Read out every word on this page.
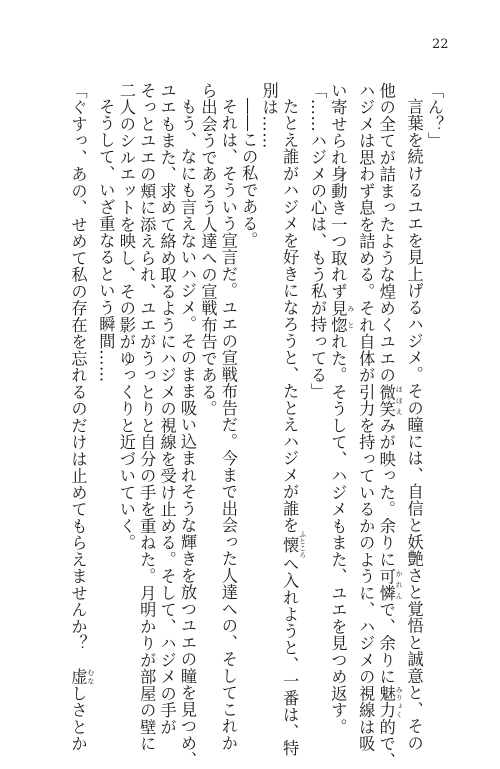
22
「ん？」
言葉を続けるユエを見上げるハジメ。その瞳には、自信と妖艶さと覚悟と誠意と、その
他の全てが詰まったような煌めくユエの微笑 ほほえみが映った。余りに可憐 かれんで、余りに魅力 みりょく的で、
ハジメは思わず息を詰める。それ自体が引力を持っているかのように、ハジメの視線は吸
い寄せられ身動き一つ取れず見惚 みとれた。そうして、ハジメもまた、ユエを見つめ返す。
「……ハジメの心は、もう私が持ってる」
たとえ誰がハジメを好きになろうと、たとえハジメが誰を懐 ふところへ入れようと、一番は、特
別は……
――この私である。
それは、そういう宣言だ。ユエの宣戦布告だ。今まで出会った人達への、そしてこれか
ら出会うであろう人達への宣戦布告である。
もう、なにも言えないハジメ。そのまま吸い込まれそうな輝きを放つユエの瞳を見つめ、
ユエもまた、求めて絡め取るようにハジメの視線を受け止める。そして、ハジメの手が
そっとユエの頬に添えられ、ユエがうっとりと自分の手を重ねた。月明かりが部屋の壁に
二人のシルエットを映し、その影がゆっくりと近づいていく。
そうして、いざ重なるという瞬間……
「ぐすっ、あの、せめて私の存在を忘れるのだけは止めてもらえませんか？　虚 むなしさとか
